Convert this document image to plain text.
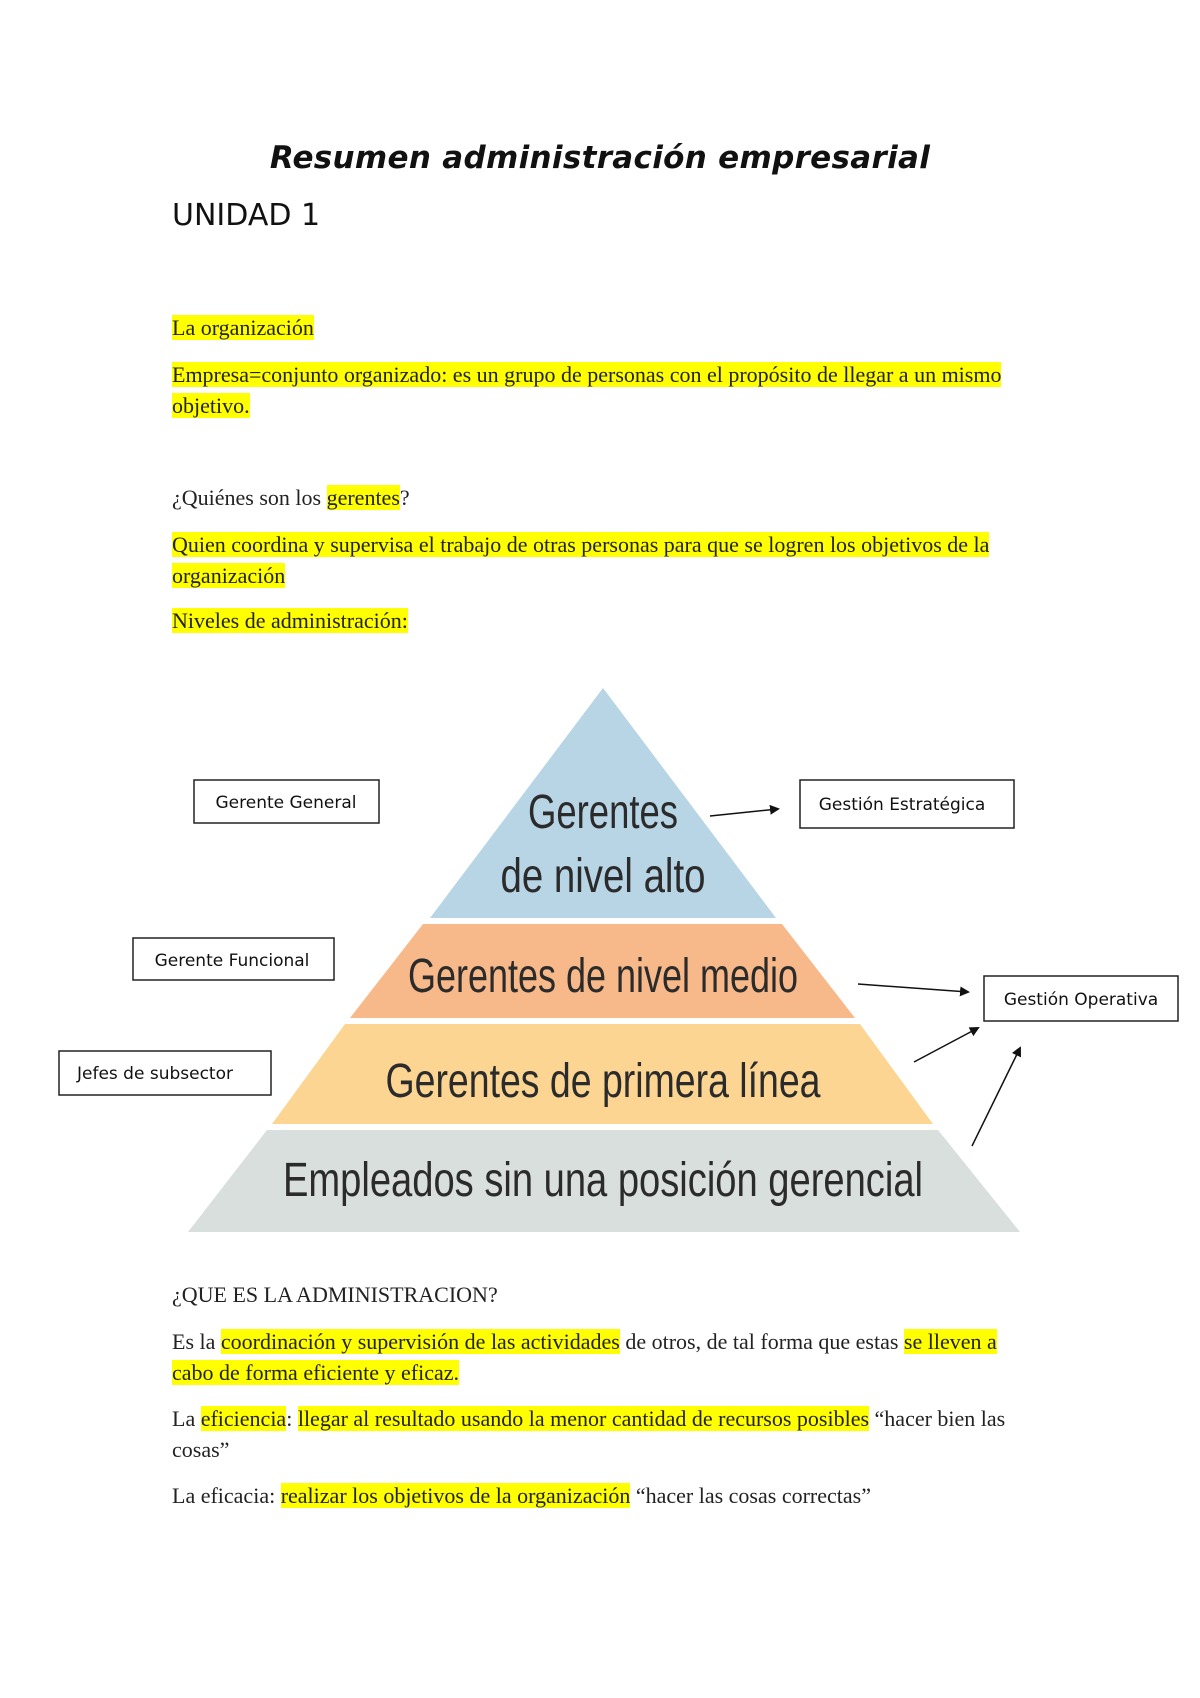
Resumen administración empresarial
UNIDAD 1
La organización
Empresa=conjunto organizado: es un grupo de personas con el propósito de llegar a un mismo objetivo.
¿Quiénes son los gerentes?
Quien coordina y supervisa el trabajo de otras personas para que se logren los objetivos de la organización
Niveles de administración:
Gerentes
de nivel alto
Gerentes de nivel medio
Gerentes de primera línea
Empleados sin una posición gerencial
Gerente General
Gerente Funcional
Jefes de subsector
Gestión Estratégica
Gestión Operativa
¿QUE ES LA ADMINISTRACION?
Es la coordinación y supervisión de las actividades de otros, de tal forma que estas se lleven a cabo de forma eficiente y eficaz.
La eficiencia: llegar al resultado usando la menor cantidad de recursos posibles “hacer bien las cosas”
La eficacia: realizar los objetivos de la organización “hacer las cosas correctas”
